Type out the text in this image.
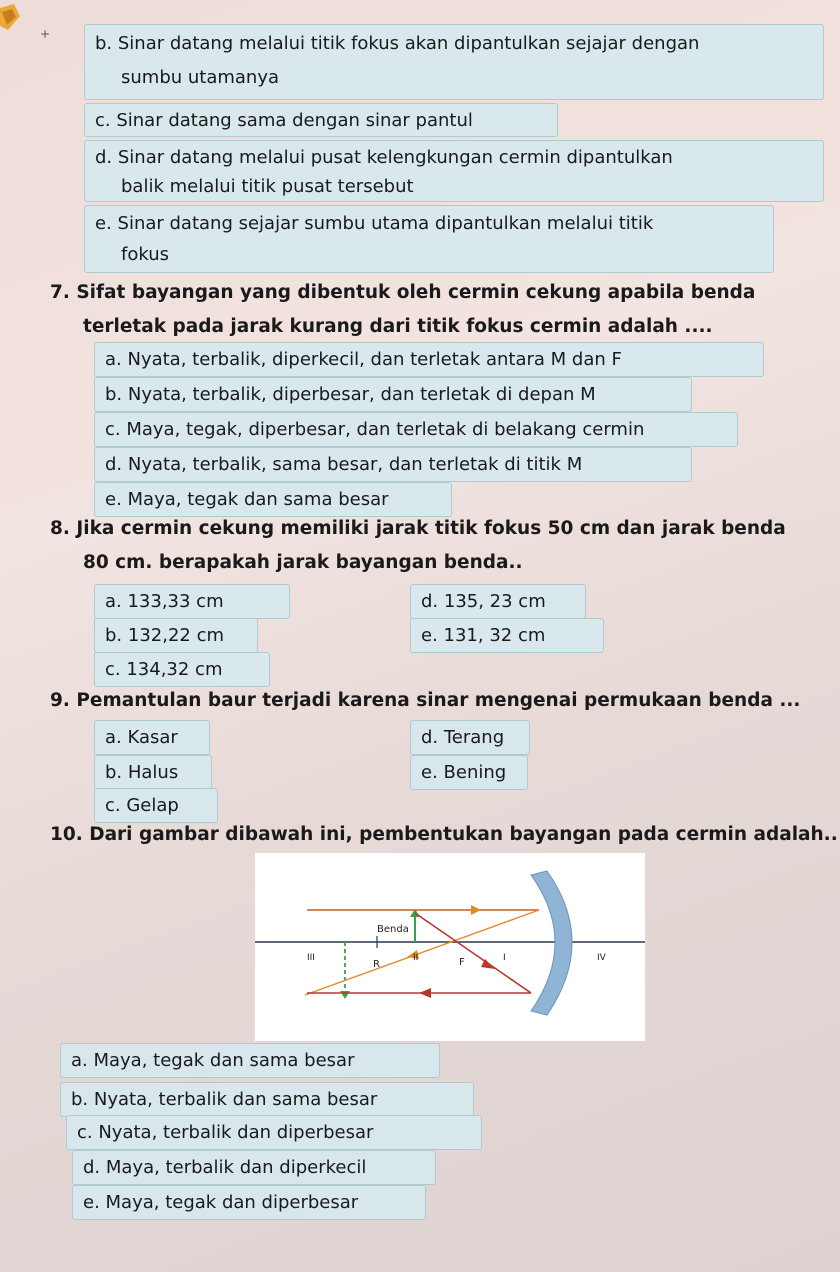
+	b. Sinar datang melalui titik fokus akan dipantulkan sejajar dengan
sumbu utamanya
c. Sinar datang sama dengan sinar pantul
d. Sinar datang melalui pusat kelengkungan cermin dipantulkan
balik melalui titik pusat tersebut
e. Sinar datang sejajar sumbu utama dipantulkan melalui titik
fokus
7. Sifat bayangan yang dibentuk oleh cermin cekung apabila benda
terletak pada jarak kurang dari titik fokus cermin adalah ....
a. Nyata, terbalik, diperkecil, dan terletak antara M dan F
b. Nyata, terbalik, diperbesar, dan terletak di depan M
c. Maya, tegak, diperbesar, dan terletak di belakang cermin
d. Nyata, terbalik, sama besar, dan terletak di titik M
e. Maya, tegak dan sama besar
8. Jika cermin cekung memiliki jarak titik fokus 50 cm dan jarak benda
80 cm. berapakah jarak bayangan benda..
a. 133,33 cm	d. 135, 23 cm
b. 132,22 cm	e. 131, 32 cm
c. 134,32 cm
9. Pemantulan baur terjadi karena sinar mengenai permukaan benda ...
a. Kasar	d. Terang
b. Halus	e. Bening
c. Gelap
10. Dari gambar dibawah ini, pembentukan bayangan pada cermin adalah..
Benda
III
R
II	F	I	IV
a. Maya, tegak dan sama besar
b. Nyata, terbalik dan sama besar
c. Nyata, terbalik dan diperbesar
d. Maya, terbalik dan diperkecil
e. Maya, tegak dan diperbesar
